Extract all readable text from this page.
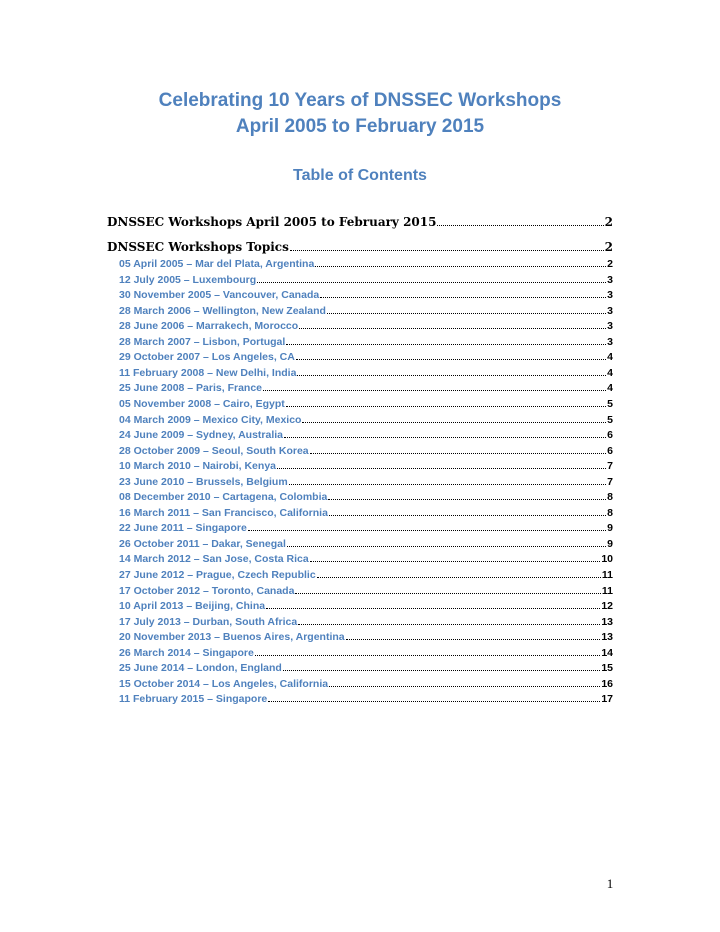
Celebrating 10 Years of DNSSEC Workshops
April 2005 to February 2015
Table of Contents
DNSSEC Workshops April 2005 to February 2015	2
DNSSEC Workshops Topics	2
05 April 2005 – Mar del Plata, Argentina	2
12 July 2005 – Luxembourg	3
30 November 2005 – Vancouver, Canada	3
28 March 2006 – Wellington, New Zealand	3
28 June 2006 – Marrakech, Morocco	3
28 March 2007 – Lisbon, Portugal	3
29 October 2007 – Los Angeles, CA	4
11 February 2008 – New Delhi, India	4
25 June 2008 – Paris, France	4
05 November 2008 – Cairo, Egypt	5
04 March 2009 – Mexico City, Mexico	5
24 June 2009 – Sydney, Australia	6
28 October 2009 – Seoul, South Korea	6
10 March 2010 – Nairobi, Kenya	7
23 June 2010 – Brussels, Belgium	7
08 December 2010 – Cartagena, Colombia	8
16 March 2011 – San Francisco, California	8
22 June 2011 – Singapore	9
26 October 2011 – Dakar, Senegal	9
14 March 2012 – San Jose, Costa Rica	10
27 June 2012 – Prague, Czech Republic	11
17 October 2012 – Toronto, Canada	11
10 April 2013 – Beijing, China	12
17 July 2013 – Durban, South Africa	13
20 November 2013 – Buenos Aires, Argentina	13
26 March 2014 – Singapore	14
25 June 2014 – London, England	15
15 October 2014 – Los Angeles, California	16
11 February 2015 – Singapore	17
1
